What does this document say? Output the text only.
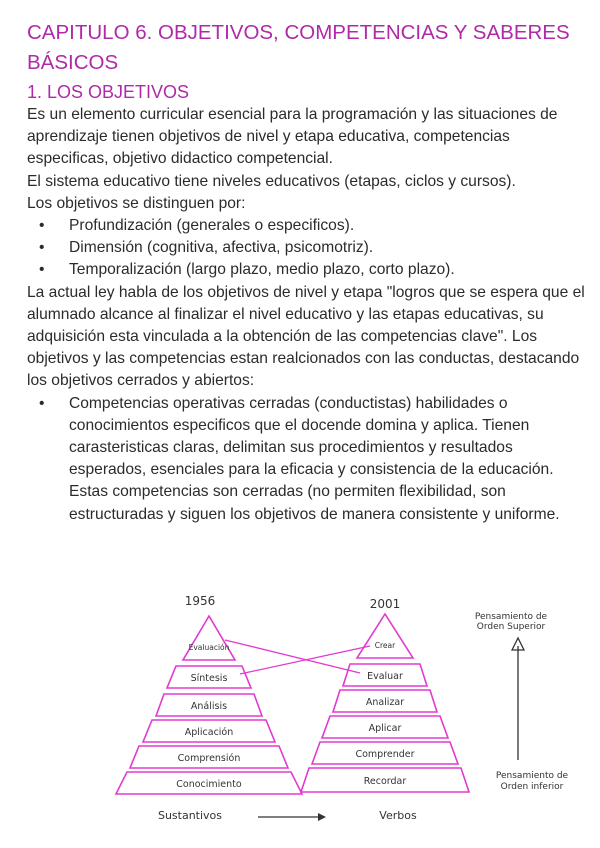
CAPITULO 6. OBJETIVOS, COMPETENCIAS Y SABERES BÁSICOS
1. LOS OBJETIVOS

Es un elemento curricular esencial para la programación y las situaciones de aprendizaje tienen objetivos de nivel y etapa educativa, competencias especificas, objetivo didactico competencial.

El sistema educativo tiene niveles educativos (etapas, ciclos y cursos).

Los objetivos se distinguen por:

• Profundización (generales o especificos).
• Dimensión (cognitiva, afectiva, psicomotriz).
• Temporalización (largo plazo, medio plazo, corto plazo).

La actual ley habla de los objetivos de nivel y etapa "logros que se espera que el alumnado alcance al finalizar el nivel educativo y las etapas educativas, su adquisición esta vinculada a la obtención de las competencias clave". Los objetivos y las competencias estan realcionados con las conductas, destacando los objetivos cerrados y abiertos:

• Competencias operativas cerradas (conductistas) habilidades o conocimientos especificos que el docende domina y aplica. Tienen carasteristicas claras, delimitan sus procedimientos y resultados esperados, esenciales para la eficacia y consistencia de la educación. Estas competencias son cerradas (no permiten flexibilidad, son estructuradas y siguen los objetivos de manera consistente y uniforme.
1956	2001
Evaluación
Síntesis
Análisis
Aplicación
Comprensión
Conocimiento
Crear
Evaluar
Analizar
Aplicar
Comprender
Recordar
Pensamiento de
Orden Superior
Pensamiento de
Orden inferior
Sustantivos	Verbos
